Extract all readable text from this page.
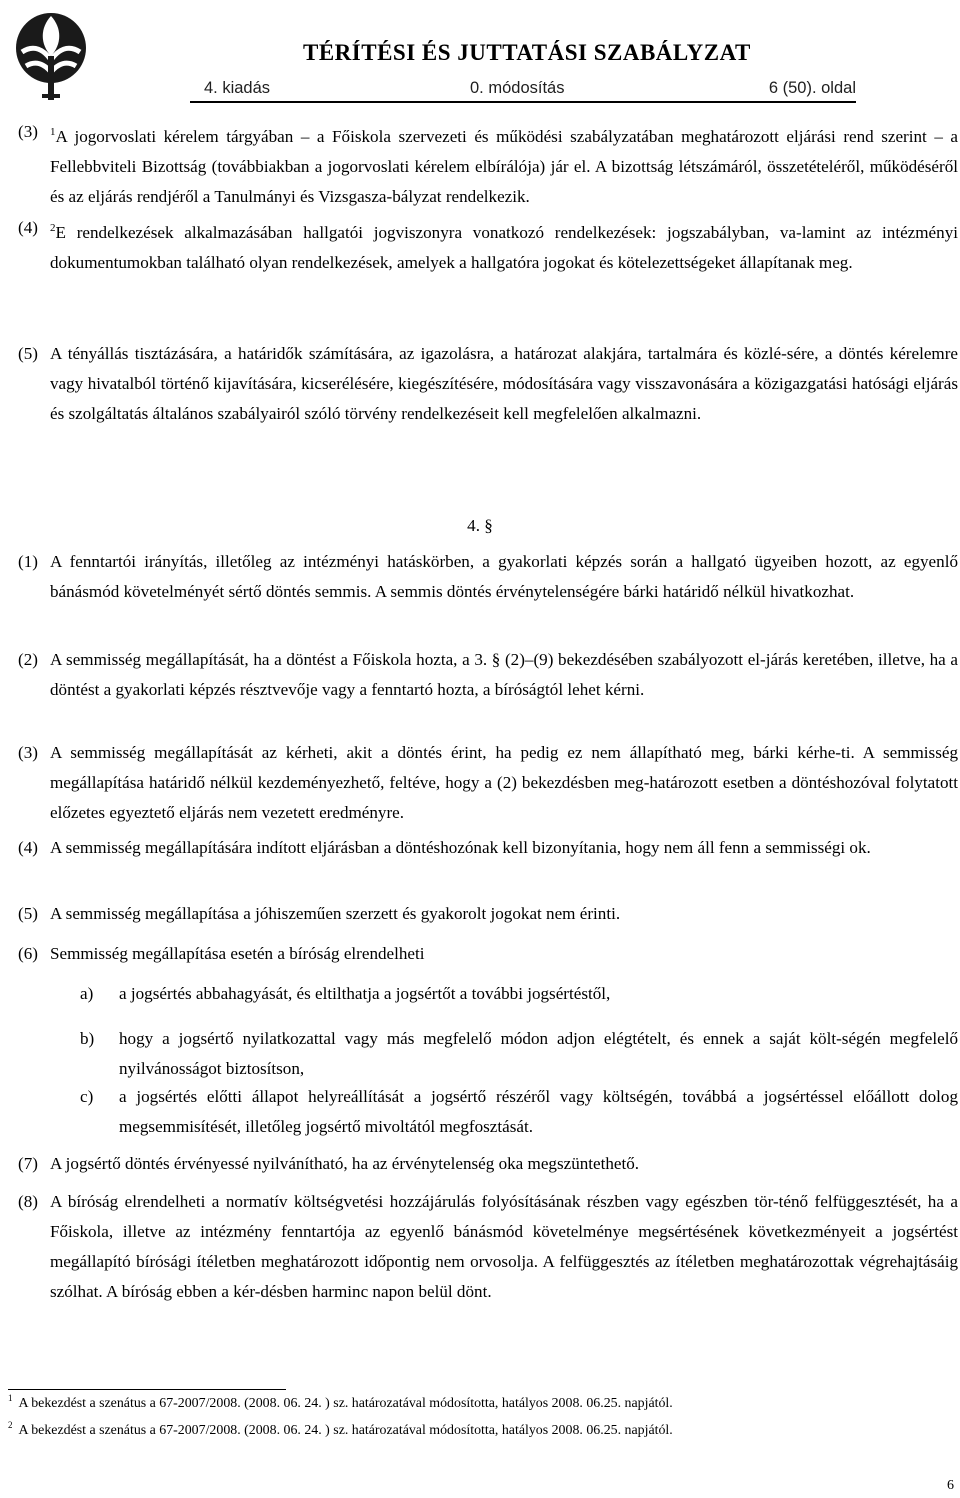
TÉRÍTÉSI ÉS JUTTATÁSI SZABÁLYZAT
4. kiadás	0. módosítás	6 (50). oldal
(3) $^1$A jogorvoslati kérelem tárgyában – a Főiskola szervezeti és működési szabályzatában meghatározott eljárási rend szerint – a Fellebbviteli Bizottság (továbbiakban a jogorvoslati kérelem elbírálója) jár el. A bizottság létszámáról, összetételéről, működéséről és az eljárás rendjéről a Tanulmányi és Vizsgasza-bályzat rendelkezik.
(4) $^2$E rendelkezések alkalmazásában hallgatói jogviszonyra vonatkozó rendelkezések: jogszabályban, va-lamint az intézményi dokumentumokban található olyan rendelkezések, amelyek a hallgatóra jogokat és kötelezettségeket állapítanak meg.
(5) A tényállás tisztázására, a határidők számítására, az igazolásra, a határozat alakjára, tartalmára és közlé-sére, a döntés kérelemre vagy hivatalból történő kijavítására, kicserélésére, kiegészítésére, módosítására vagy visszavonására a közigazgatási hatósági eljárás és szolgáltatás általános szabályairól szóló törvény rendelkezéseit kell megfelelően alkalmazni.
4. §
(1) A fenntartói irányítás, illetőleg az intézményi hatáskörben, a gyakorlati képzés során a hallgató ügyeiben hozott, az egyenlő bánásmód követelményét sértő döntés semmis. A semmis döntés érvénytelenségére bárki határidő nélkül hivatkozhat.
(2) A semmisség megállapítását, ha a döntést a Főiskola hozta, a 3. § (2)–(9) bekezdésében szabályozott el-járás keretében, illetve, ha a döntést a gyakorlati képzés résztvevője vagy a fenntartó hozta, a bíróságtól lehet kérni.
(3) A semmisség megállapítását az kérheti, akit a döntés érint, ha pedig ez nem állapítható meg, bárki kérhe-ti. A semmisség megállapítása határidő nélkül kezdeményezhető, feltéve, hogy a (2) bekezdésben meg-határozott esetben a döntéshozóval folytatott előzetes egyeztető eljárás nem vezetett eredményre.
(4) A semmisség megállapítására indított eljárásban a döntéshozónak kell bizonyítania, hogy nem áll fenn a semmisségi ok.
(5) A semmisség megállapítása a jóhiszeműen szerzett és gyakorolt jogokat nem érinti.
(6) Semmisség megállapítása esetén a bíróság elrendelheti
a) a jogsértés abbahagyását, és eltilthatja a jogsértőt a további jogsértéstől,
b) hogy a jogsértő nyilatkozattal vagy más megfelelő módon adjon elégtételt, és ennek a saját költ-ségén megfelelő nyilvánosságot biztosítson,
c) a jogsértés előtti állapot helyreállítását a jogsértő részéről vagy költségén, továbbá a jogsértéssel előállott dolog megsemmisítését, illetőleg jogsértő mivoltától megfosztását.
(7) A jogsértő döntés érvényessé nyilvánítható, ha az érvénytelenség oka megszüntethető.
(8) A bíróság elrendelheti a normatív költségvetési hozzájárulás folyósításának részben vagy egészben tör-ténő felfüggesztését, ha a Főiskola, illetve az intézmény fenntartója az egyenlő bánásmód követelménye megsértésének következményeit a jogsértést megállapító bírósági ítéletben meghatározott időpontig nem orvosolja. A felfüggesztés az ítéletben meghatározottak végrehajtásáig szólhat. A bíróság ebben a kér-désben harminc napon belül dönt.
$^1$ A bekezdést a szenátus a 67-2007/2008. (2008. 06. 24. ) sz. határozatával módosította, hatályos 2008. 06.25. napjától.
$^2$ A bekezdést a szenátus a 67-2007/2008. (2008. 06. 24. ) sz. határozatával módosította, hatályos 2008. 06.25. napjától.
6
